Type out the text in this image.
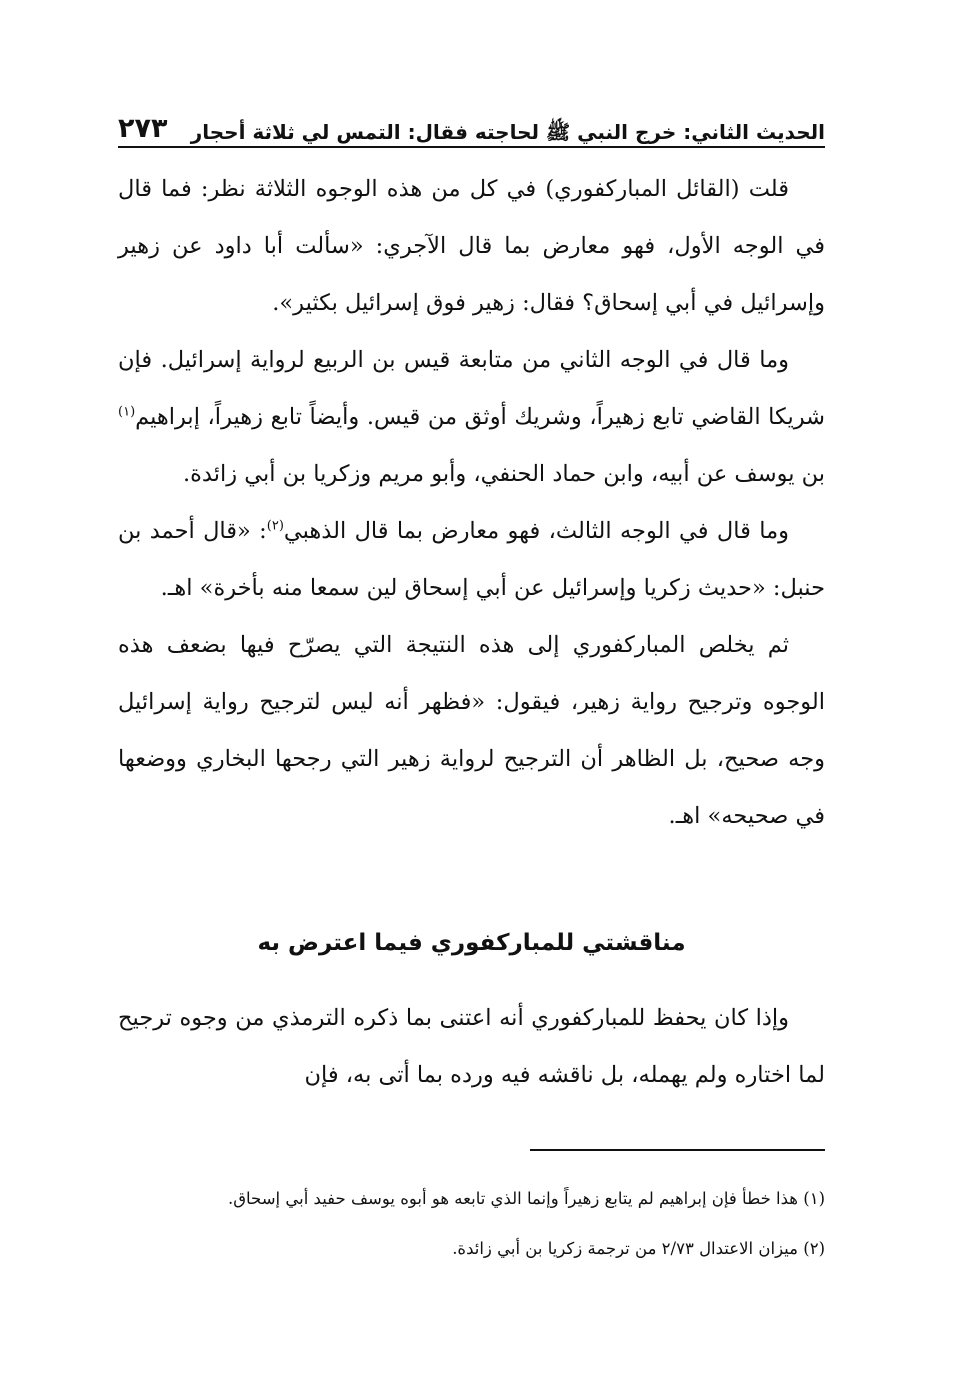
الحديث الثاني: خرج النبي ﷺ لحاجته فقال: التمس لي ثلاثة أحجار
٢٧٣

قلت (القائل المباركفوري) في كل من هذه الوجوه الثلاثة نظر: فما قال في الوجه الأول، فهو معارض بما قال الآجري: «سألت أبا داود عن زهير وإسرائيل في أبي إسحاق؟ فقال: زهير فوق إسرائيل بكثير».

وما قال في الوجه الثاني من متابعة قيس بن الربيع لرواية إسرائيل. فإن شريكا القاضي تابع زهيراً، وشريك أوثق من قيس. وأيضاً تابع زهيراً، إبراهيم$^{(١)}$ بن يوسف عن أبيه، وابن حماد الحنفي، وأبو مريم وزكريا بن أبي زائدة.

وما قال في الوجه الثالث، فهو معارض بما قال الذهبي$^{(٢)}$: «قال أحمد بن حنبل: «حديث زكريا وإسرائيل عن أبي إسحاق لين سمعا منه بأخرة» اهـ.

ثم يخلص المباركفوري إلى هذه النتيجة التي يصرّح فيها بضعف هذه الوجوه وترجيح رواية زهير، فيقول: «فظهر أنه ليس لترجيح رواية إسرائيل وجه صحيح، بل الظاهر أن الترجيح لرواية زهير التي رجحها البخاري ووضعها في صحيحه» اهـ.

مناقشتي للمباركفوري فيما اعترض به

وإذا كان يحفظ للمباركفوري أنه اعتنى بما ذكره الترمذي من وجوه ترجيح لما اختاره ولم يهمله، بل ناقشه فيه ورده بما أتى به، فإن

(١) هذا خطأ فإن إبراهيم لم يتابع زهيراً وإنما الذي تابعه هو أبوه يوسف حفيد أبي إسحاق.

(٢) ميزان الاعتدال ٢/٧٣ من ترجمة زكريا بن أبي زائدة.
